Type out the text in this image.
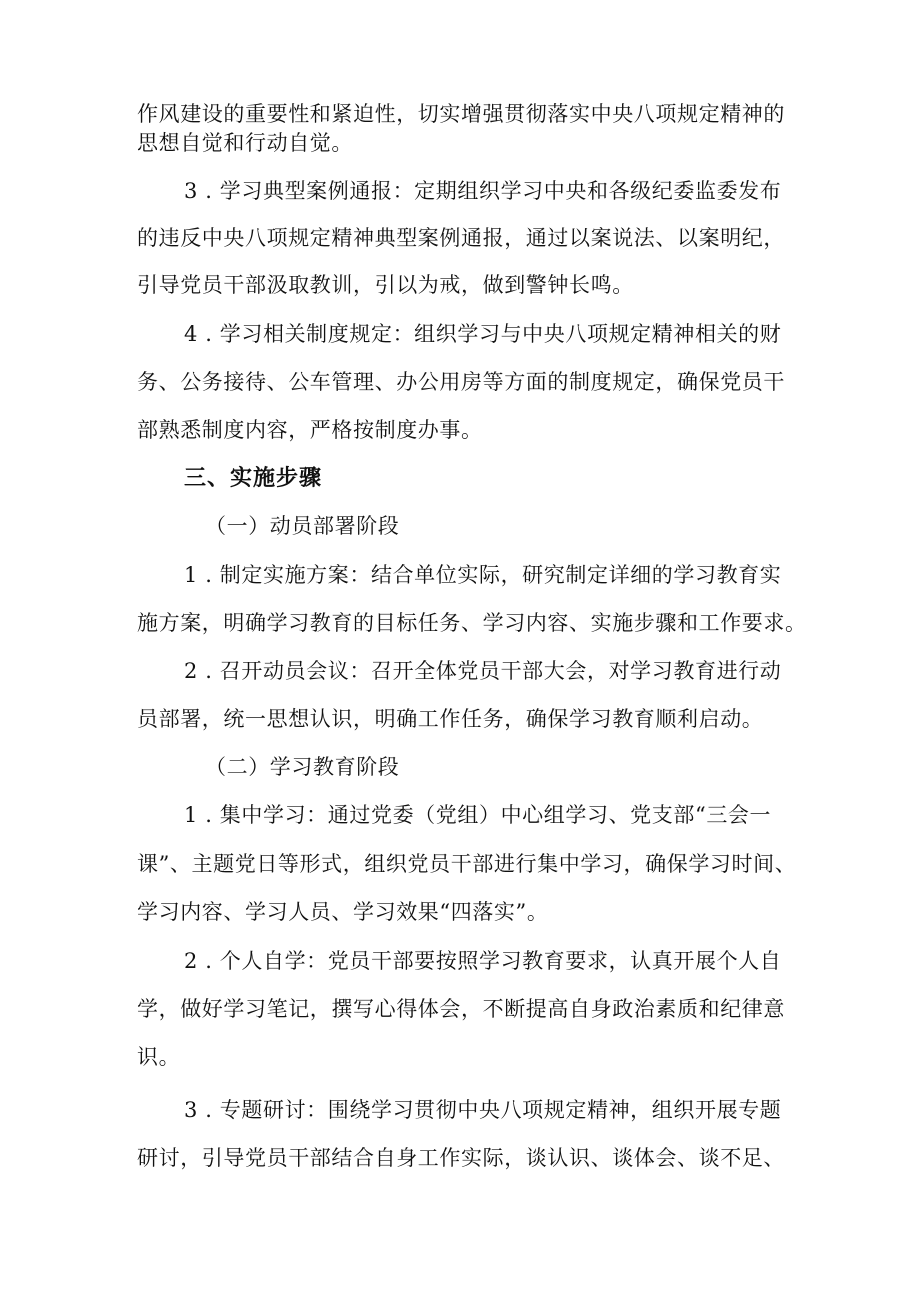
作风建设的重要性和紧迫性，切实增强贯彻落实中央八项规定精神的
思想自觉和行动自觉。
3 . 学习典型案例通报：定期组织学习中央和各级纪委监委发布
的违反中央八项规定精神典型案例通报，通过以案说法、以案明纪，
引导党员干部汲取教训，引以为戒，做到警钟长鸣。
4 . 学习相关制度规定：组织学习与中央八项规定精神相关的财
务、公务接待、公车管理、办公用房等方面的制度规定，确保党员干
部熟悉制度内容，严格按制度办事。
三、实施步骤
（一）动员部署阶段
1 . 制定实施方案：结合单位实际，研究制定详细的学习教育实
施方案，明确学习教育的目标任务、学习内容、实施步骤和工作要求。
2 . 召开动员会议：召开全体党员干部大会，对学习教育进行动
员部署，统一思想认识，明确工作任务，确保学习教育顺利启动。
（二）学习教育阶段
1 . 集中学习：通过党委（党组）中心组学习、党支部“三会一
课”、主题党日等形式，组织党员干部进行集中学习，确保学习时间、
学习内容、学习人员、学习效果“四落实”。
2 . 个人自学：党员干部要按照学习教育要求，认真开展个人自
学，做好学习笔记，撰写心得体会，不断提高自身政治素质和纪律意
识。
3 . 专题研讨：围绕学习贯彻中央八项规定精神，组织开展专题
研讨，引导党员干部结合自身工作实际，谈认识、谈体会、谈不足、
